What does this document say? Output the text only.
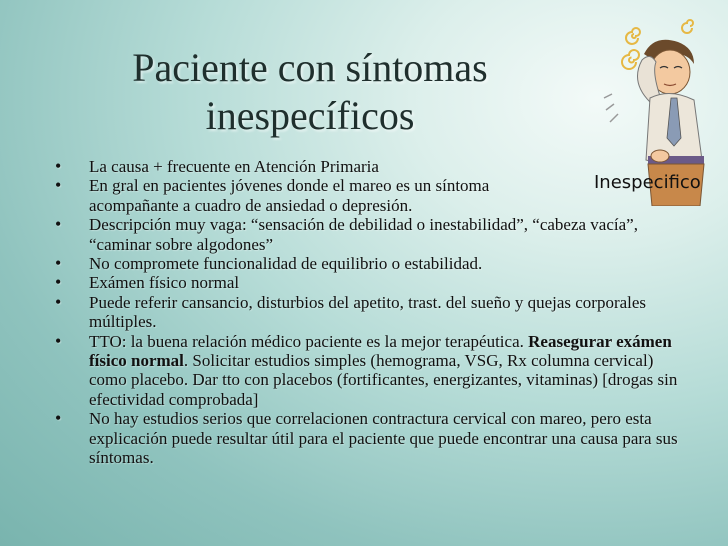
Paciente con síntomas
inespecíficos
Inespecifico
• La causa + frecuente en Atención Primaria
• En gral en pacientes jóvenes donde el mareo es un síntoma acompañante a cuadro de ansiedad o depresión.
• Descripción muy vaga: “sensación de debilidad o inestabilidad”, “cabeza vacía”, “caminar sobre algodones”
• No compromete funcionalidad de equilibrio o estabilidad.
• Exámen físico normal
• Puede referir cansancio, disturbios del apetito, trast. del sueño y quejas corporales múltiples.
• TTO: la buena relación médico paciente es la mejor terapéutica. Reasegurar exámen físico normal. Solicitar estudios simples (hemograma, VSG, Rx columna cervical) como placebo. Dar tto con placebos (fortificantes, energizantes, vitaminas) [drogas sin efectividad comprobada]
• No hay estudios serios que correlacionen contractura cervical con mareo, pero esta explicación puede resultar útil para el paciente que puede encontrar una causa para sus síntomas.
